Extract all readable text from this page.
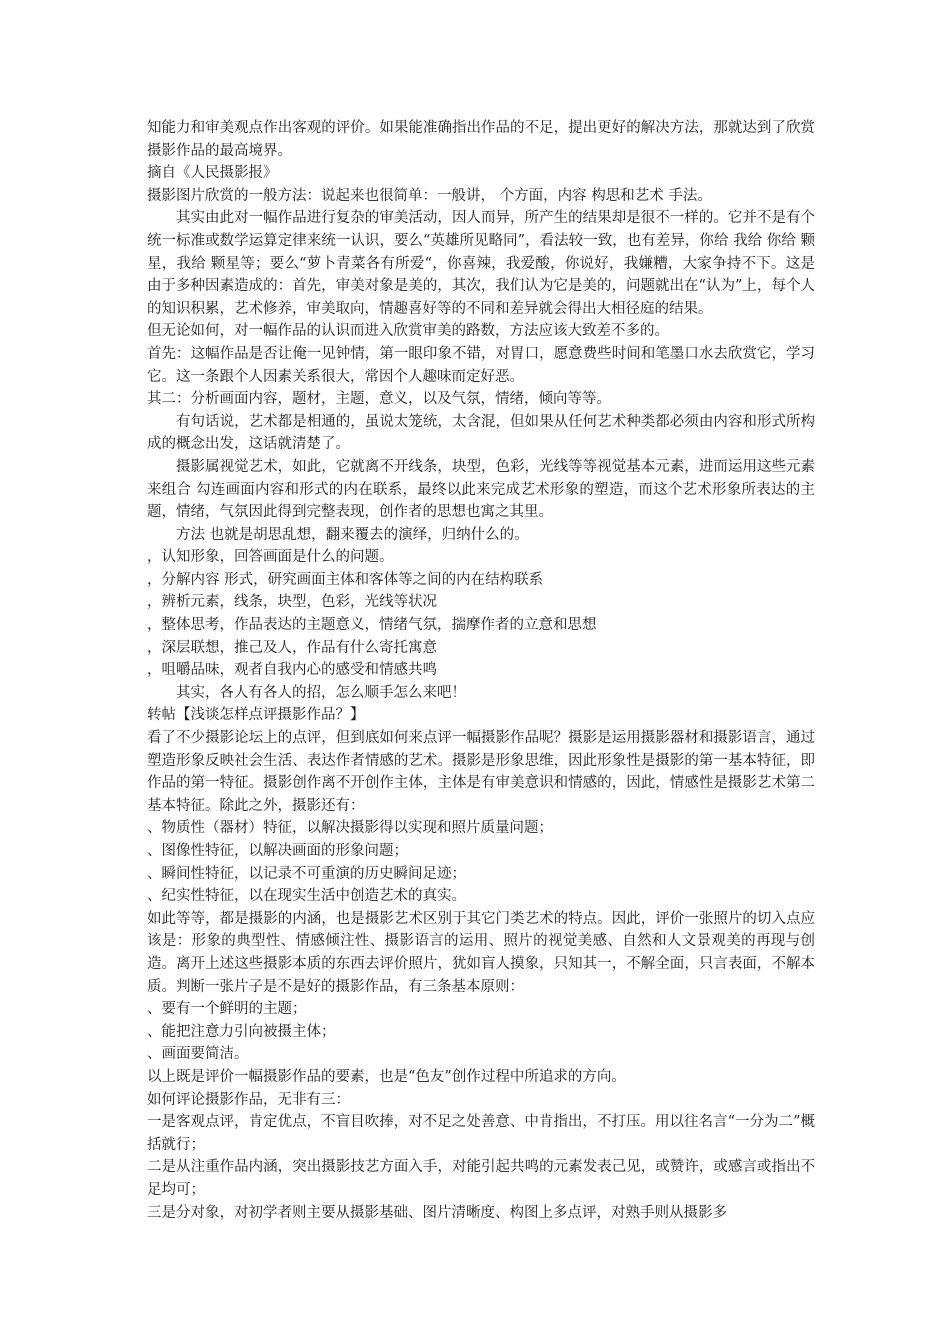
知能力和审美观点作出客观的评价。如果能准确指出作品的不足，提出更好的解决方法，那就达到了欣赏摄影作品的最高境界。

摘自《人民摄影报》

摄影图片欣赏的一般方法：说起来也很简单：一般讲， 个方面，内容 构思和艺术 手法。

其实由此对一幅作品进行复杂的审美活动，因人而异，所产生的结果却是很不一样的。它并不是有个统一标准或数学运算定律来统一认识，要么“英雄所见略同”，看法较一致，也有差异，你给 我给 你给 颗星，我给 颗星等；要么“萝卜青菜各有所爱“，你喜辣，我爱酸，你说好，我嫌糟，大家争持不下。这是由于多种因素造成的：首先，审美对象是美的，其次，我们认为它是美的，问题就出在“认为”上，每个人的知识积累，艺术修养，审美取向，情趣喜好等的不同和差异就会得出大相径庭的结果。

但无论如何，对一幅作品的认识而进入欣赏审美的路数，方法应该大致差不多的。

首先：这幅作品是否让俺一见钟情，第一眼印象不错，对胃口，愿意费些时间和笔墨口水去欣赏它，学习它。这一条跟个人因素关系很大，常因个人趣味而定好恶。

其二：分析画面内容，题材，主题，意义，以及气氛，情绪，倾向等等。

有句话说，艺术都是相通的，虽说太笼统，太含混，但如果从任何艺术种类都必须由内容和形式所构成的概念出发，这话就清楚了。

摄影属视觉艺术，如此，它就离不开线条，块型，色彩，光线等等视觉基本元素，进而运用这些元素来组合 勾连画面内容和形式的内在联系，最终以此来完成艺术形象的塑造，而这个艺术形象所表达的主题，情绪，气氛因此得到完整表现，创作者的思想也寓之其里。

方法 也就是胡思乱想，翻来覆去的演绎，归纳什么的。

，认知形象，回答画面是什么的问题。

，分解内容 形式，研究画面主体和客体等之间的内在结构联系

，辨析元素，线条，块型，色彩，光线等状况

，整体思考，作品表达的主题意义，情绪气氛，揣摩作者的立意和思想

，深层联想，推己及人，作品有什么寄托寓意

，咀嚼品味，观者自我内心的感受和情感共鸣

其实，各人有各人的招，怎么顺手怎么来吧！

转帖【浅谈怎样点评摄影作品？】

看了不少摄影论坛上的点评，但到底如何来点评一幅摄影作品呢？摄影是运用摄影器材和摄影语言，通过塑造形象反映社会生活、表达作者情感的艺术。摄影是形象思维，因此形象性是摄影的第一基本特征，即作品的第一特征。摄影创作离不开创作主体，主体是有审美意识和情感的，因此，情感性是摄影艺术第二基本特征。除此之外，摄影还有：

、物质性（器材）特征，以解决摄影得以实现和照片质量问题；

、图像性特征，以解决画面的形象问题；

、瞬间性特征，以记录不可重演的历史瞬间足迹；

、纪实性特征，以在现实生活中创造艺术的真实。

如此等等，都是摄影的内涵，也是摄影艺术区别于其它门类艺术的特点。因此，评价一张照片的切入点应该是：形象的典型性、情感倾注性、摄影语言的运用、照片的视觉美感、自然和人文景观美的再现与创造。离开上述这些摄影本质的东西去评价照片，犹如盲人摸象，只知其一，不解全面，只言表面，不解本质。判断一张片子是不是好的摄影作品，有三条基本原则：

、要有一个鲜明的主题；

、能把注意力引向被摄主体；

、画面要简洁。

以上既是评价一幅摄影作品的要素，也是“色友”创作过程中所追求的方向。

如何评论摄影作品，无非有三：

一是客观点评，肯定优点，不盲目吹捧，对不足之处善意、中肯指出，不打压。用以往名言“一分为二”概括就行；

二是从注重作品内涵，突出摄影技艺方面入手，对能引起共鸣的元素发表己见，或赞许，或感言或指出不足均可；

三是分对象，对初学者则主要从摄影基础、图片清晰度、构图上多点评，对熟手则从摄影多
